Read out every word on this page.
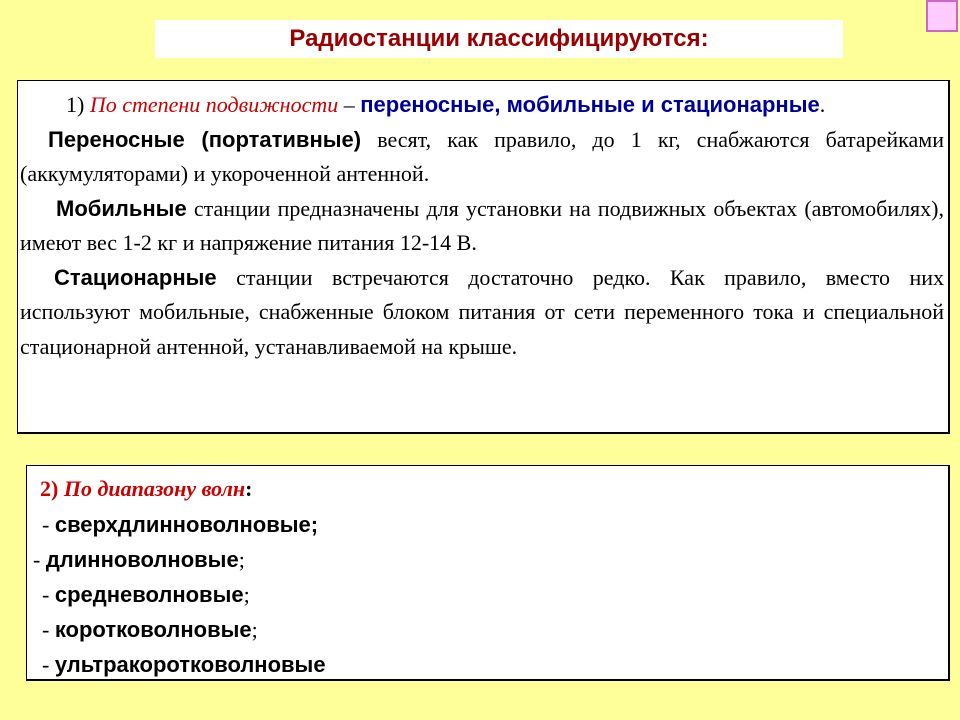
Радиостанции классифицируются:

1) По степени подвижности – переносные, мобильные и стационарные.

Переносные (портативные) весят, как правило, до 1 кг, снабжаются батарейками (аккумуляторами) и укороченной антенной.

Мобильные станции предназначены для установки на подвижных объектах (автомобилях), имеют вес 1-2 кг и напряжение питания 12-14 В.

Стационарные станции встречаются достаточно редко. Как правило, вместо них используют мобильные, снабженные блоком питания от сети переменного тока и специальной стационарной антенной, устанавливаемой на крыше.

2) По диапазону волн:
- сверхдлинноволновые;
- длинноволновые;
- средневолновые;
- коротковолновые;
- ультракоротковолновые
